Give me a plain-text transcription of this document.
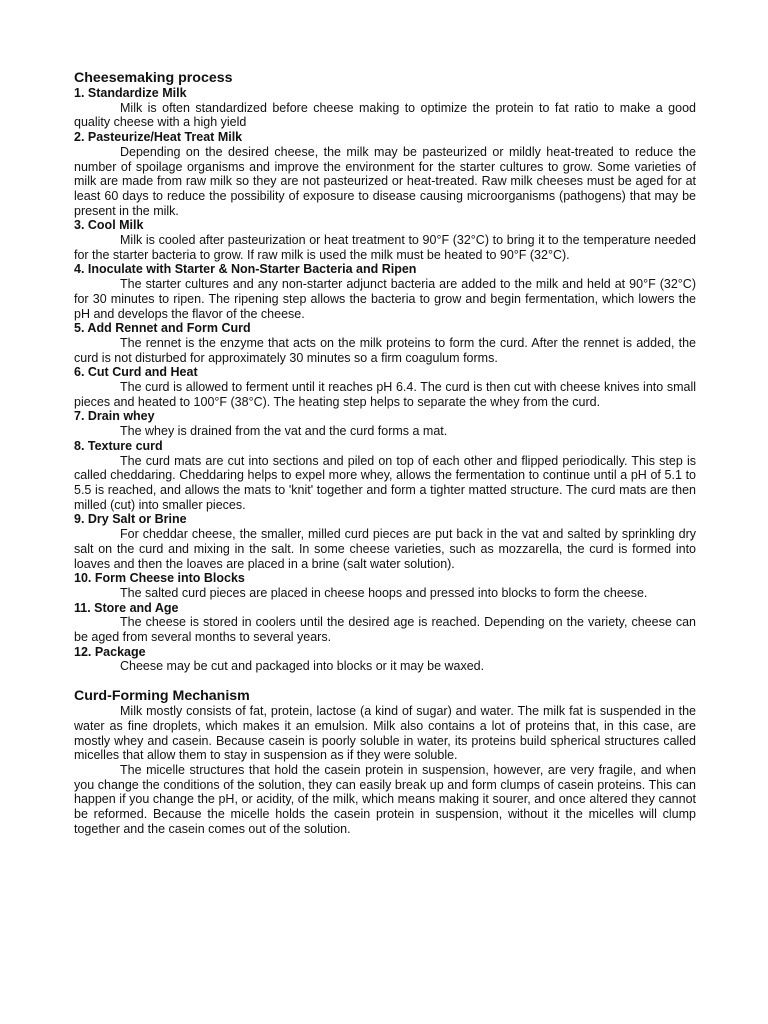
Cheesemaking process

1. Standardize Milk

Milk is often standardized before cheese making to optimize the protein to fat ratio to make a good quality cheese with a high yield

2. Pasteurize/Heat Treat Milk

Depending on the desired cheese, the milk may be pasteurized or mildly heat-treated to reduce the number of spoilage organisms and improve the environment for the starter cultures to grow. Some varieties of milk are made from raw milk so they are not pasteurized or heat-treated. Raw milk cheeses must be aged for at least 60 days to reduce the possibility of exposure to disease causing microorganisms (pathogens) that may be present in the milk.

3. Cool Milk

Milk is cooled after pasteurization or heat treatment to 90°F (32°C) to bring it to the temperature needed for the starter bacteria to grow. If raw milk is used the milk must be heated to 90°F (32°C).

4. Inoculate with Starter & Non-Starter Bacteria and Ripen

The starter cultures and any non-starter adjunct bacteria are added to the milk and held at 90°F (32°C) for 30 minutes to ripen. The ripening step allows the bacteria to grow and begin fermentation, which lowers the pH and develops the flavor of the cheese.

5. Add Rennet and Form Curd

The rennet is the enzyme that acts on the milk proteins to form the curd. After the rennet is added, the curd is not disturbed for approximately 30 minutes so a firm coagulum forms.

6. Cut Curd and Heat

The curd is allowed to ferment until it reaches pH 6.4. The curd is then cut with cheese knives into small pieces and heated to 100°F (38°C). The heating step helps to separate the whey from the curd.

7. Drain whey

The whey is drained from the vat and the curd forms a mat.

8. Texture curd

The curd mats are cut into sections and piled on top of each other and flipped periodically. This step is called cheddaring. Cheddaring helps to expel more whey, allows the fermentation to continue until a pH of 5.1 to 5.5 is reached, and allows the mats to 'knit' together and form a tighter matted structure. The curd mats are then milled (cut) into smaller pieces.

9. Dry Salt or Brine

For cheddar cheese, the smaller, milled curd pieces are put back in the vat and salted by sprinkling dry salt on the curd and mixing in the salt. In some cheese varieties, such as mozzarella, the curd is formed into loaves and then the loaves are placed in a brine (salt water solution).

10. Form Cheese into Blocks

The salted curd pieces are placed in cheese hoops and pressed into blocks to form the cheese.

11. Store and Age

The cheese is stored in coolers until the desired age is reached. Depending on the variety, cheese can be aged from several months to several years.

12. Package

Cheese may be cut and packaged into blocks or it may be waxed.

Curd-Forming Mechanism

Milk mostly consists of fat, protein, lactose (a kind of sugar) and water. The milk fat is suspended in the water as fine droplets, which makes it an emulsion. Milk also contains a lot of proteins that, in this case, are mostly whey and casein. Because casein is poorly soluble in water, its proteins build spherical structures called micelles that allow them to stay in suspension as if they were soluble.

The micelle structures that hold the casein protein in suspension, however, are very fragile, and when you change the conditions of the solution, they can easily break up and form clumps of casein proteins. This can happen if you change the pH, or acidity, of the milk, which means making it sourer, and once altered they cannot be reformed. Because the micelle holds the casein protein in suspension, without it the micelles will clump together and the casein comes out of the solution.
